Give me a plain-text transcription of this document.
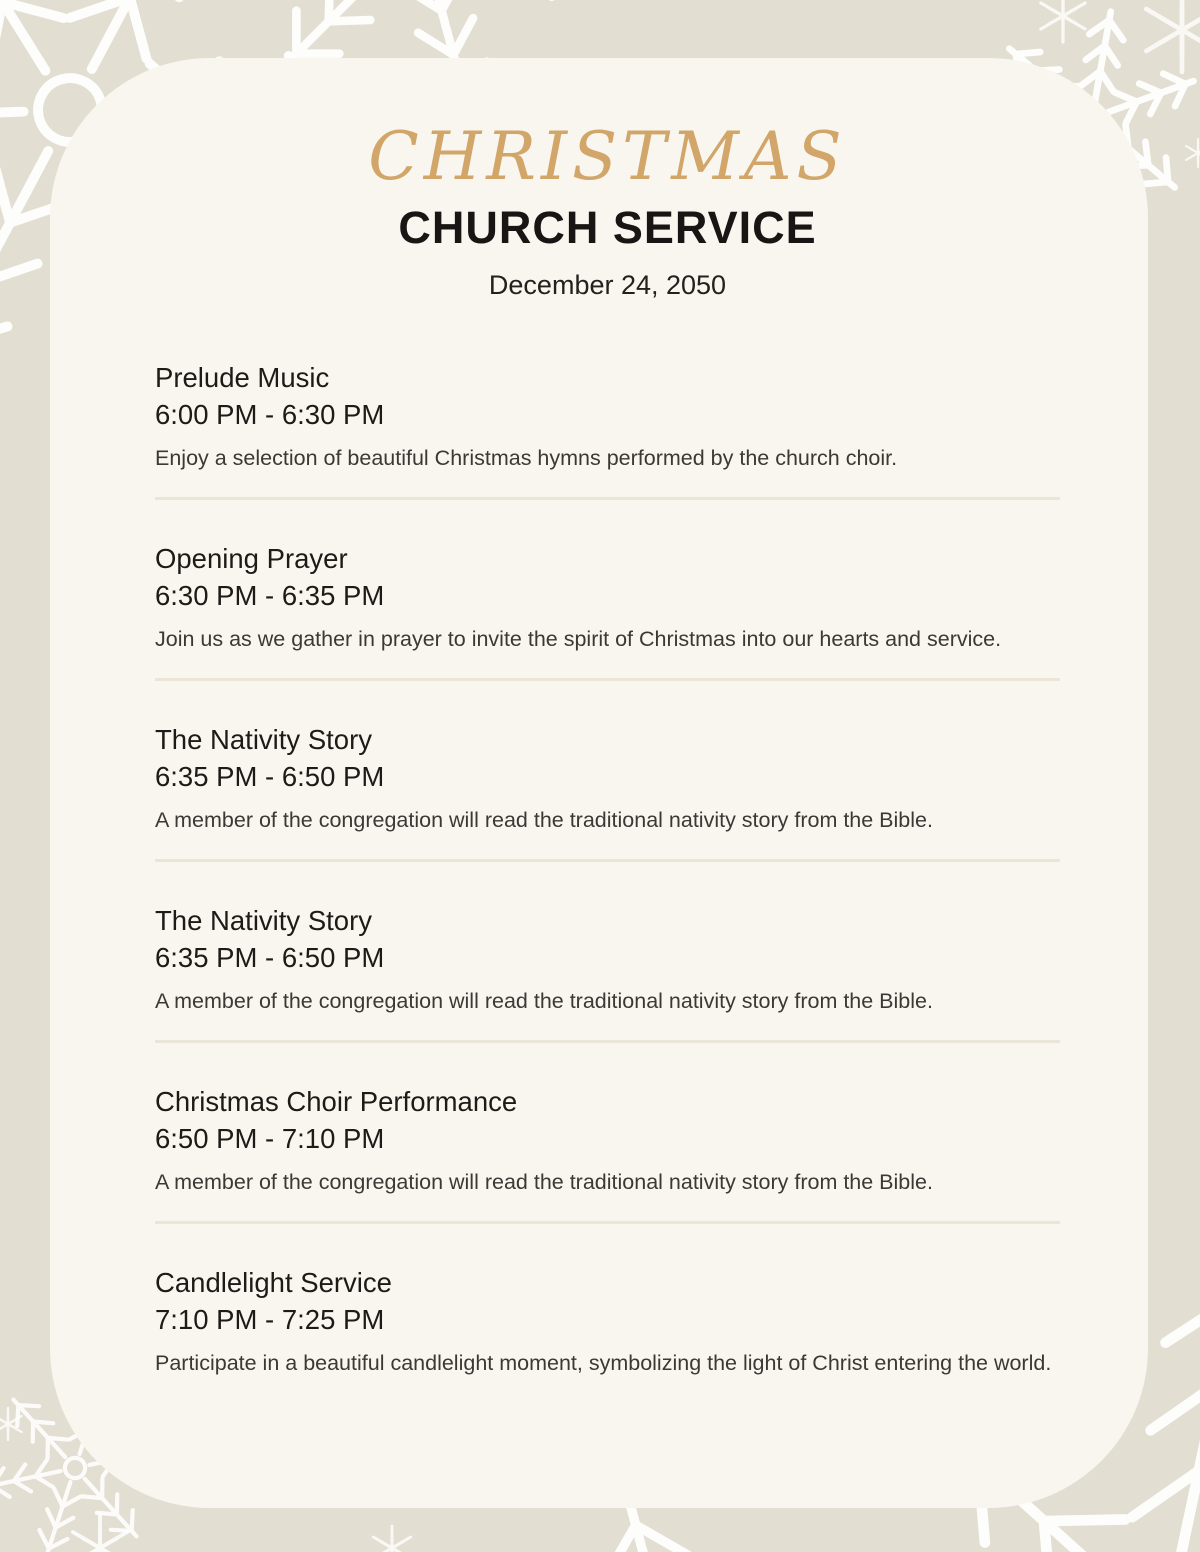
CHRISTMAS
CHURCH SERVICE
December 24, 2050
Prelude Music
6:00 PM - 6:30 PM

Enjoy a selection of beautiful Christmas hymns performed by the church choir.

Opening Prayer
6:30 PM - 6:35 PM

Join us as we gather in prayer to invite the spirit of Christmas into our hearts and service.

The Nativity Story
6:35 PM - 6:50 PM

A member of the congregation will read the traditional nativity story from the Bible.

The Nativity Story
6:35 PM - 6:50 PM

A member of the congregation will read the traditional nativity story from the Bible.

Christmas Choir Performance
6:50 PM - 7:10 PM

A member of the congregation will read the traditional nativity story from the Bible.

Candlelight Service
7:10 PM - 7:25 PM

Participate in a beautiful candlelight moment, symbolizing the light of Christ entering the world.
